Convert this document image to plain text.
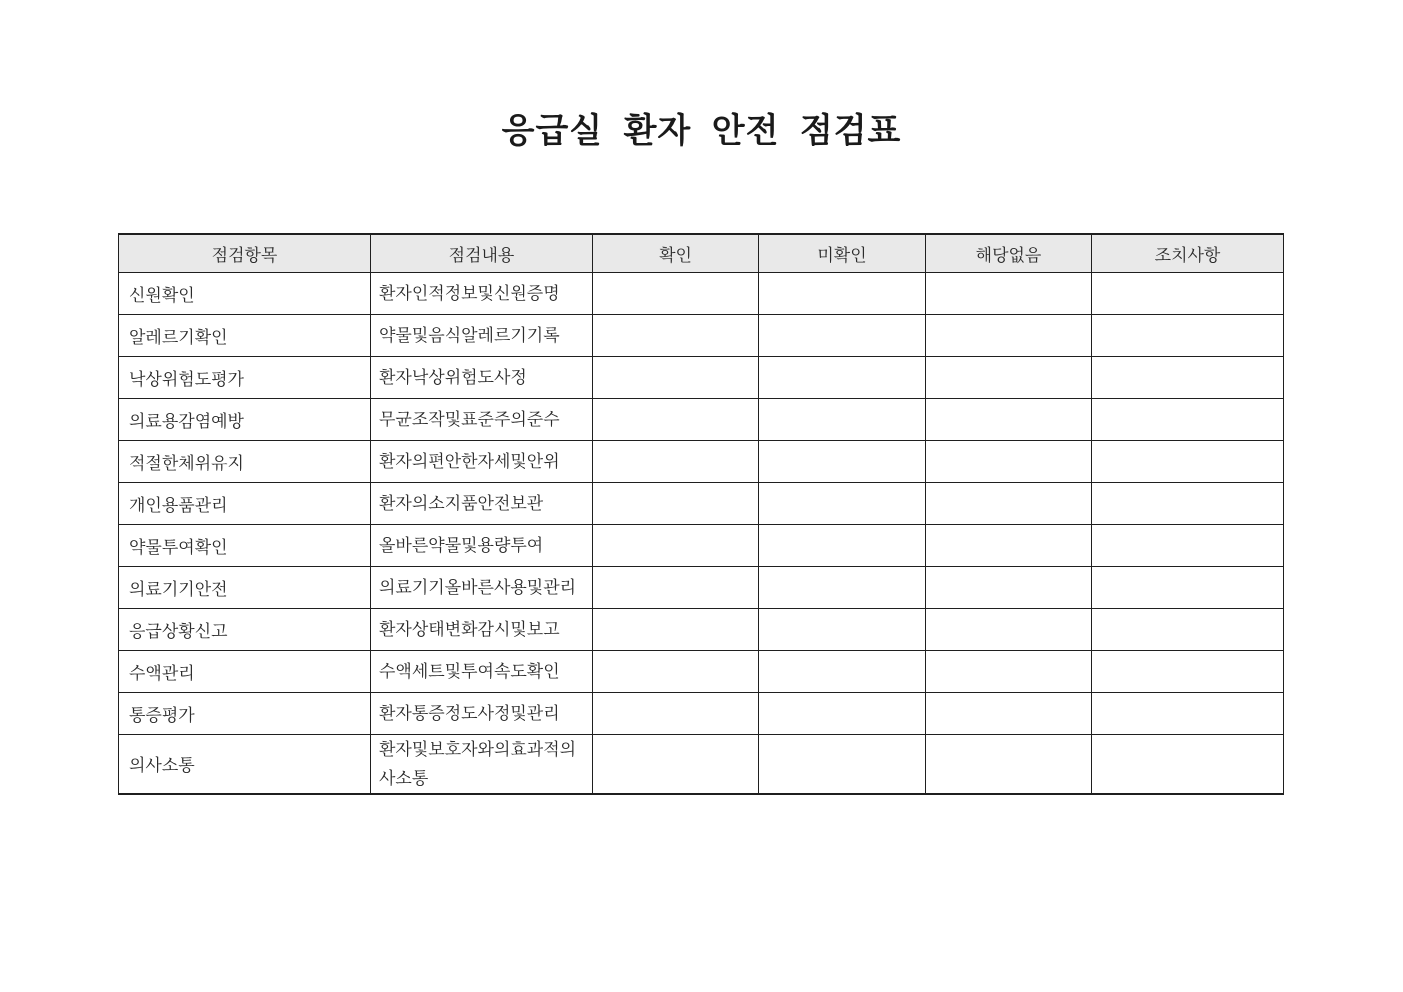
응급실 환자 안전 점검표
점검항목	점검내용	확인	미확인	해당없음	조치사항
신원확인	환자인적정보및신원증명				
알레르기확인	약물및음식알레르기기록				
낙상위험도평가	환자낙상위험도사정				
의료용감염예방	무균조작및표준주의준수				
적절한체위유지	환자의편안한자세및안위				
개인용품관리	환자의소지품안전보관				
약물투여확인	올바른약물및용량투여				
의료기기안전	의료기기올바른사용및관리				
응급상황신고	환자상태변화감시및보고				
수액관리	수액세트및투여속도확인				
통증평가	환자통증정도사정및관리				
의사소통	환자및보호자와의효과적의사소통				
